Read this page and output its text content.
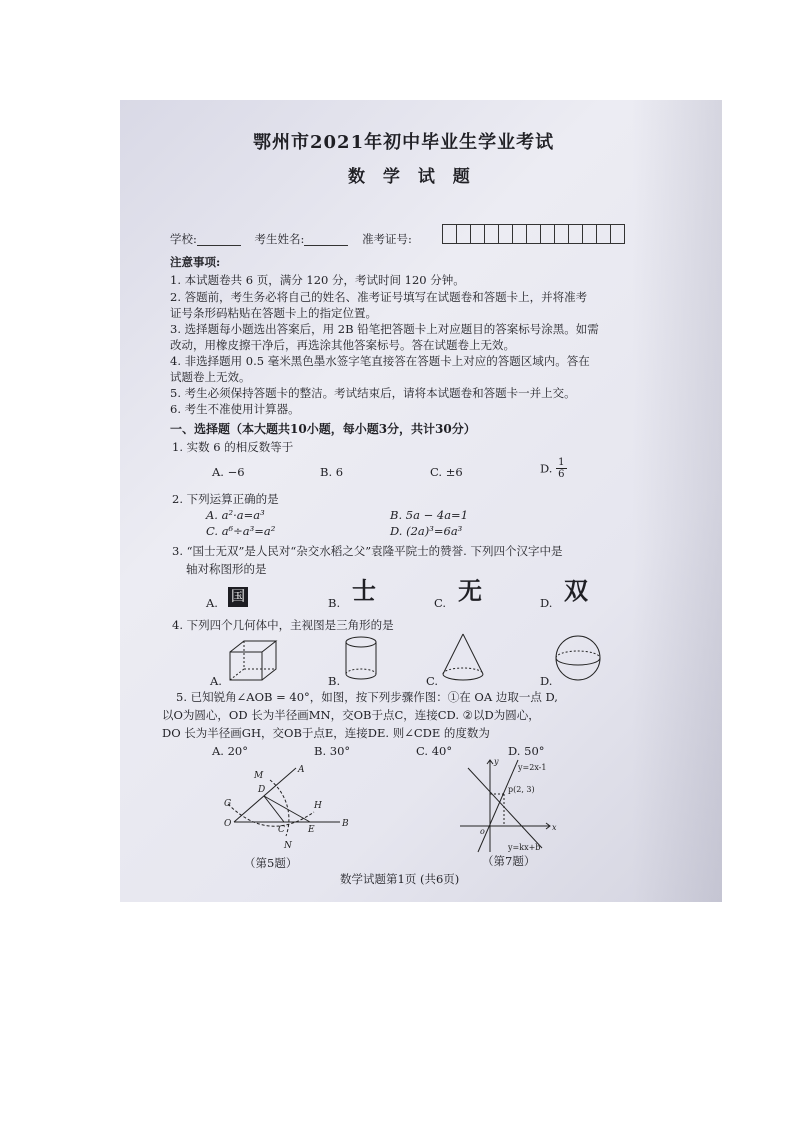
鄂州市2021年初中毕业生学业考试
数 学 试 题
学校:	考生姓名:	准考证号:
注意事项:
1. 本试题卷共 6 页，满分 120 分，考试时间 120 分钟。
2. 答题前，考生务必将自己的姓名、准考证号填写在试题卷和答题卡上，并将准考
证号条形码粘贴在答题卡上的指定位置。
3. 选择题每小题选出答案后，用 2B 铅笔把答题卡上对应题目的答案标号涂黑。如需
改动，用橡皮擦干净后，再选涂其他答案标号。答在试题卷上无效。
4. 非选择题用 0.5 毫米黑色墨水签字笔直接答在答题卡上对应的答题区域内。答在
试题卷上无效。
5. 考生必须保持答题卡的整洁。考试结束后，请将本试题卷和答题卡一并上交。
6. 考生不准使用计算器。
一、选择题（本大题共10小题，每小题3分，共计30分）
1. 实数 6 的相反数等于
A. −6	B. 6	C. ±6	D. $\frac{1}{6}$
2. 下列运算正确的是
A. a²·a=a³	B. 5a − 4a=1
C. a⁶÷a³=a²	D. (2a)³=6a³
3. “国士无双”是人民对“杂交水稻之父”袁隆平院士的赞誉. 下列四个汉字中是
轴对称图形的是
A. 国	B. 士	C. 无	D. 双
4. 下列四个几何体中，主视图是三角形的是
A.	B.	C.	D.
5. 已知锐角∠AOB = 40°，如图，按下列步骤作图：①在 OA 边取一点 D,
以O为圆心，OD 长为半径画MN，交OB于点C，连接CD. ②以D为圆心，
DO 长为半径画GH，交OB于点E，连接DE. 则∠CDE 的度数为
A. 20°	B. 30°	C. 40°	D. 50°
M
A
D
G	H
O
C	E
B
N
（第5题）
y
x
o
y=2x-1
p(2, 3)
y=kx+b
（第7题）
数学试题第1页 (共6页)
